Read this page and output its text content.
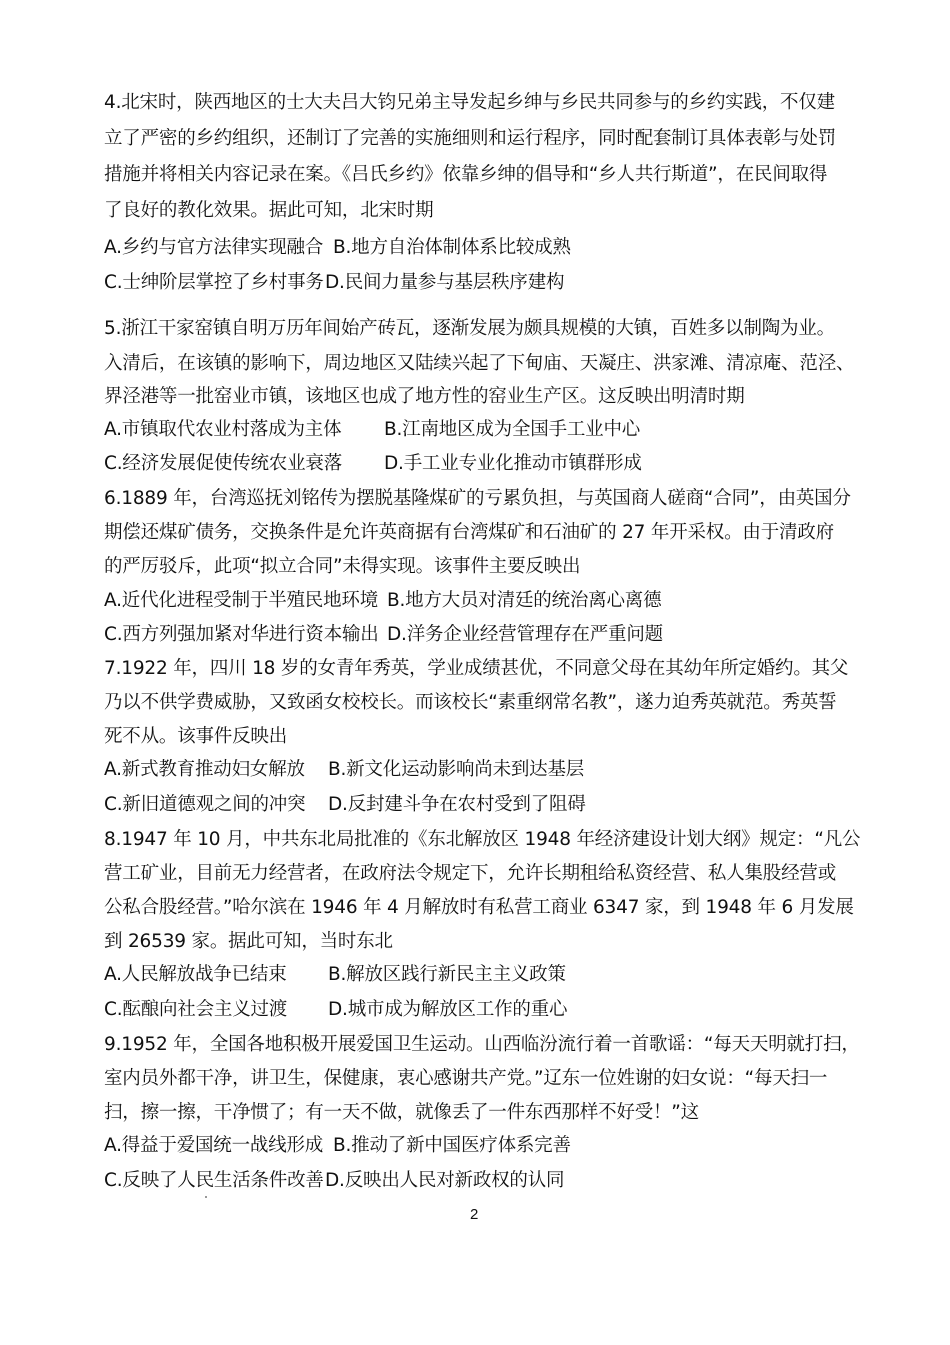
4.北宋时，陕西地区的士大夫吕大钧兄弟主导发起乡绅与乡民共同参与的乡约实践，不仅建
立了严密的乡约组织，还制订了完善的实施细则和运行程序，同时配套制订具体表彰与处罚
措施并将相关内容记录在案。《吕氏乡约》依靠乡绅的倡导和“乡人共行斯道”，在民间取得
了良好的教化效果。据此可知，北宋时期
A.乡约与官方法律实现融合 B.地方自治体制体系比较成熟
C.士绅阶层掌控了乡村事务 D.民间力量参与基层秩序建构
5.浙江干家窑镇自明万历年间始产砖瓦，逐渐发展为颇具规模的大镇，百姓多以制陶为业。
入清后，在该镇的影响下，周边地区又陆续兴起了下甸庙、天凝庄、洪家滩、清凉庵、范泾、
界泾港等一批窑业市镇，该地区也成了地方性的窑业生产区。这反映出明清时期
A.市镇取代农业村落成为主体 B.江南地区成为全国手工业中心
C.经济发展促使传统农业衰落 D.手工业专业化推动市镇群形成
6.1889 年，台湾巡抚刘铭传为摆脱基隆煤矿的亏累负担，与英国商人磋商“合同”，由英国分
期偿还煤矿债务，交换条件是允许英商据有台湾煤矿和石油矿的 27 年开采权。由于清政府
的严厉驳斥，此项“拟立合同”未得实现。该事件主要反映出
A.近代化进程受制于半殖民地环境 B.地方大员对清廷的统治离心离德
C.西方列强加紧对华进行资本输出 D.洋务企业经营管理存在严重问题
7.1922 年，四川 18 岁的女青年秀英，学业成绩甚优，不同意父母在其幼年所定婚约。其父
乃以不供学费威胁，又致函女校校长。而该校长“素重纲常名教”，遂力迫秀英就范。秀英誓
死不从。该事件反映出
A.新式教育推动妇女解放 B.新文化运动影响尚未到达基层
C.新旧道德观之间的冲突 D.反封建斗争在农村受到了阻碍
8.1947 年 10 月，中共东北局批准的《东北解放区 1948 年经济建设计划大纲》规定：“凡公
营工矿业，目前无力经营者，在政府法令规定下，允许长期租给私资经营、私人集股经营或
公私合股经营。”哈尔滨在 1946 年 4 月解放时有私营工商业 6347 家，到 1948 年 6 月发展
到 26539 家。据此可知，当时东北
A.人民解放战争已结束 B.解放区践行新民主主义政策
C.酝酿向社会主义过渡 D.城市成为解放区工作的重心
9.1952 年，全国各地积极开展爱国卫生运动。山西临汾流行着一首歌谣：“每天天明就打扫，
室内员外都干净，讲卫生，保健康，衷心感谢共产党。”辽东一位姓谢的妇女说：“每天扫一
扫，擦一擦，干净惯了；有一天不做，就像丢了一件东西那样不好受！”这
A.得益于爱国统一战线形成 B.推动了新中国医疗体系完善
C.反映了人民生活条件改善 D.反映出人民对新政权的认同
2
